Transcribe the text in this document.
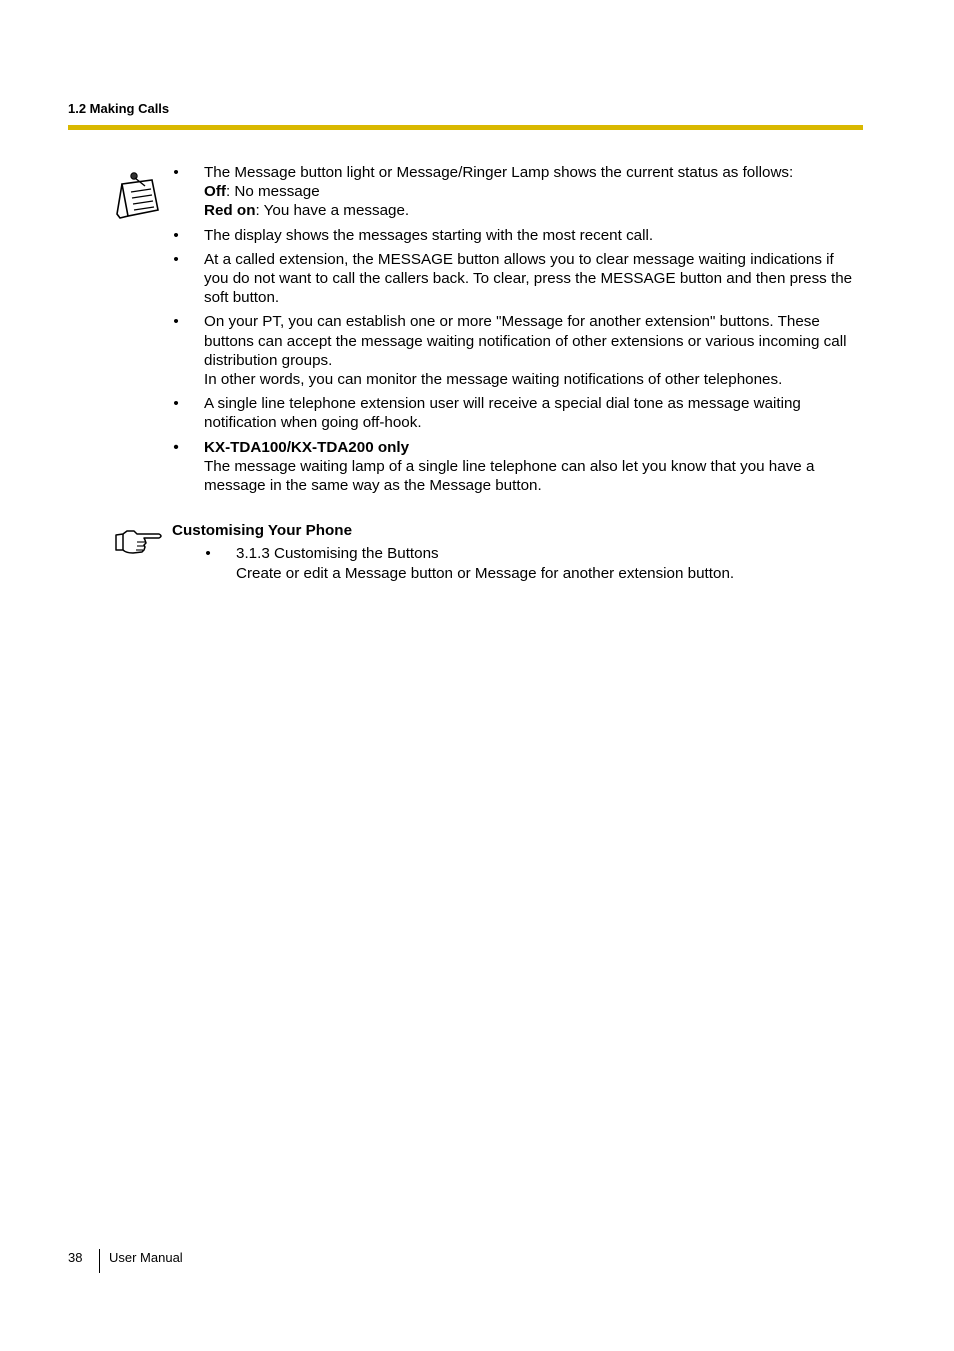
1.2 Making Calls
• The Message button light or Message/Ringer Lamp shows the current status as follows:
Off: No message
Red on: You have a message.
• The display shows the messages starting with the most recent call.
• At a called extension, the MESSAGE button allows you to clear message waiting indications if you do not want to call the callers back. To clear, press the MESSAGE button and then press the soft button.
• On your PT, you can establish one or more "Message for another extension" buttons. These buttons can accept the message waiting notification of other extensions or various incoming call distribution groups.
In other words, you can monitor the message waiting notifications of other telephones.
• A single line telephone extension user will receive a special dial tone as message waiting notification when going off-hook.
• KX-TDA100/KX-TDA200 only
The message waiting lamp of a single line telephone can also let you know that you have a message in the same way as the Message button.
Customising Your Phone
• 3.1.3 Customising the Buttons
Create or edit a Message button or Message for another extension button.
38 User Manual
